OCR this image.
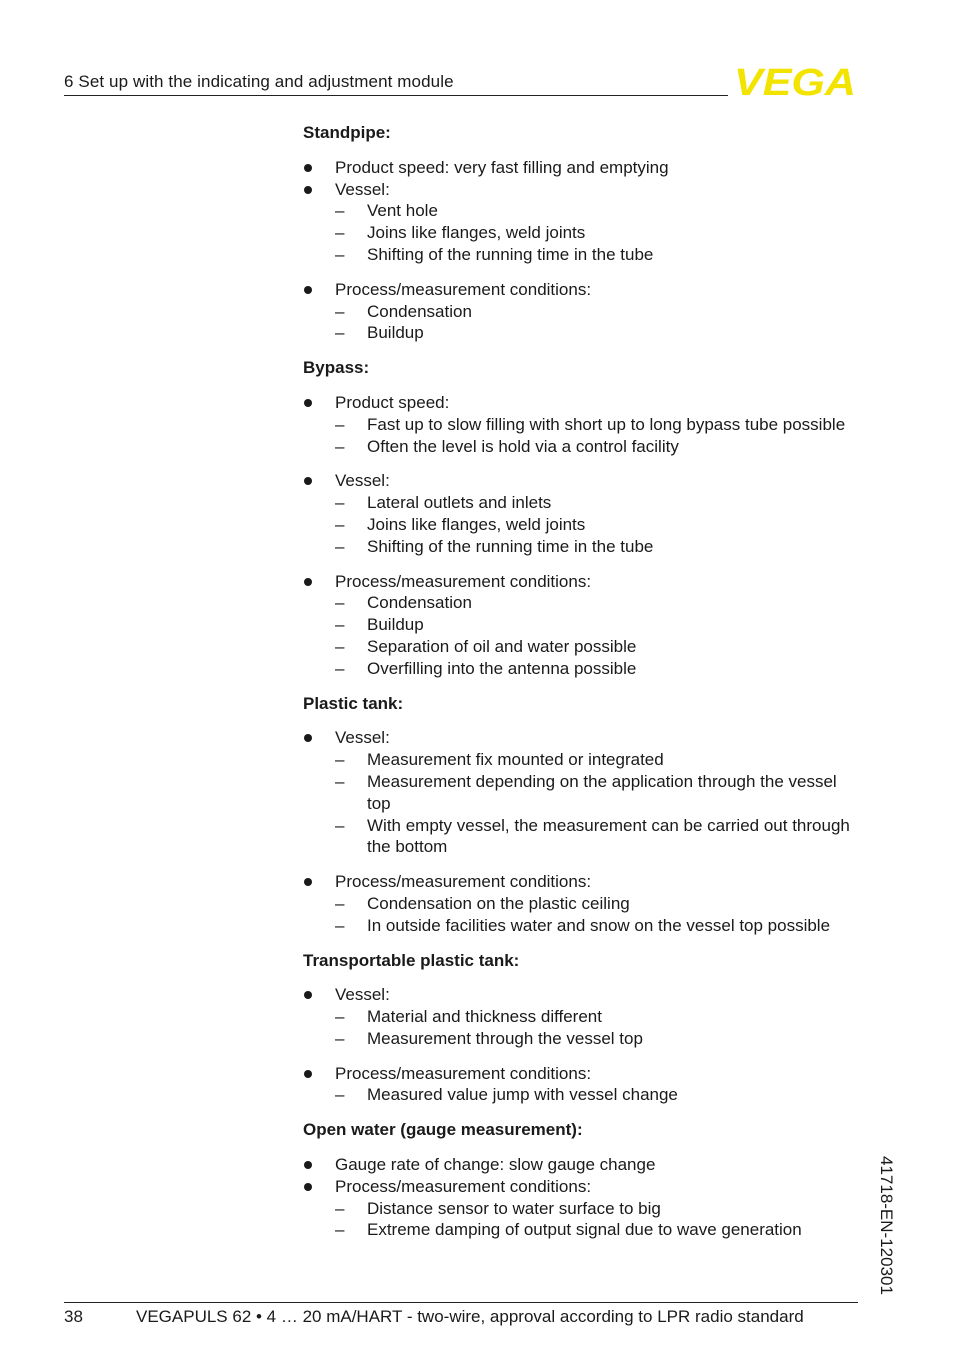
6 Set up with the indicating and adjustment module	VEGA
Standpipe:
Product speed: very fast filling and emptying
Vessel:
– Vent hole
– Joins like flanges, weld joints
– Shifting of the running time in the tube
Process/measurement conditions:
– Condensation
– Buildup
Bypass:
Product speed:
– Fast up to slow filling with short up to long bypass tube possible
– Often the level is hold via a control facility
Vessel:
– Lateral outlets and inlets
– Joins like flanges, weld joints
– Shifting of the running time in the tube
Process/measurement conditions:
– Condensation
– Buildup
– Separation of oil and water possible
– Overfilling into the antenna possible
Plastic tank:
Vessel:
– Measurement fix mounted or integrated
– Measurement depending on the application through the vessel top
– With empty vessel, the measurement can be carried out through the bottom
Process/measurement conditions:
– Condensation on the plastic ceiling
– In outside facilities water and snow on the vessel top possible
Transportable plastic tank:
Vessel:
– Material and thickness different
– Measurement through the vessel top
Process/measurement conditions:
– Measured value jump with vessel change
Open water (gauge measurement):
Gauge rate of change: slow gauge change
Process/measurement conditions:
– Distance sensor to water surface to big
– Extreme damping of output signal due to wave generation	41718-EN-120301
38	VEGAPULS 62 • 4 … 20 mA/HART - two-wire, approval according to LPR radio standard
